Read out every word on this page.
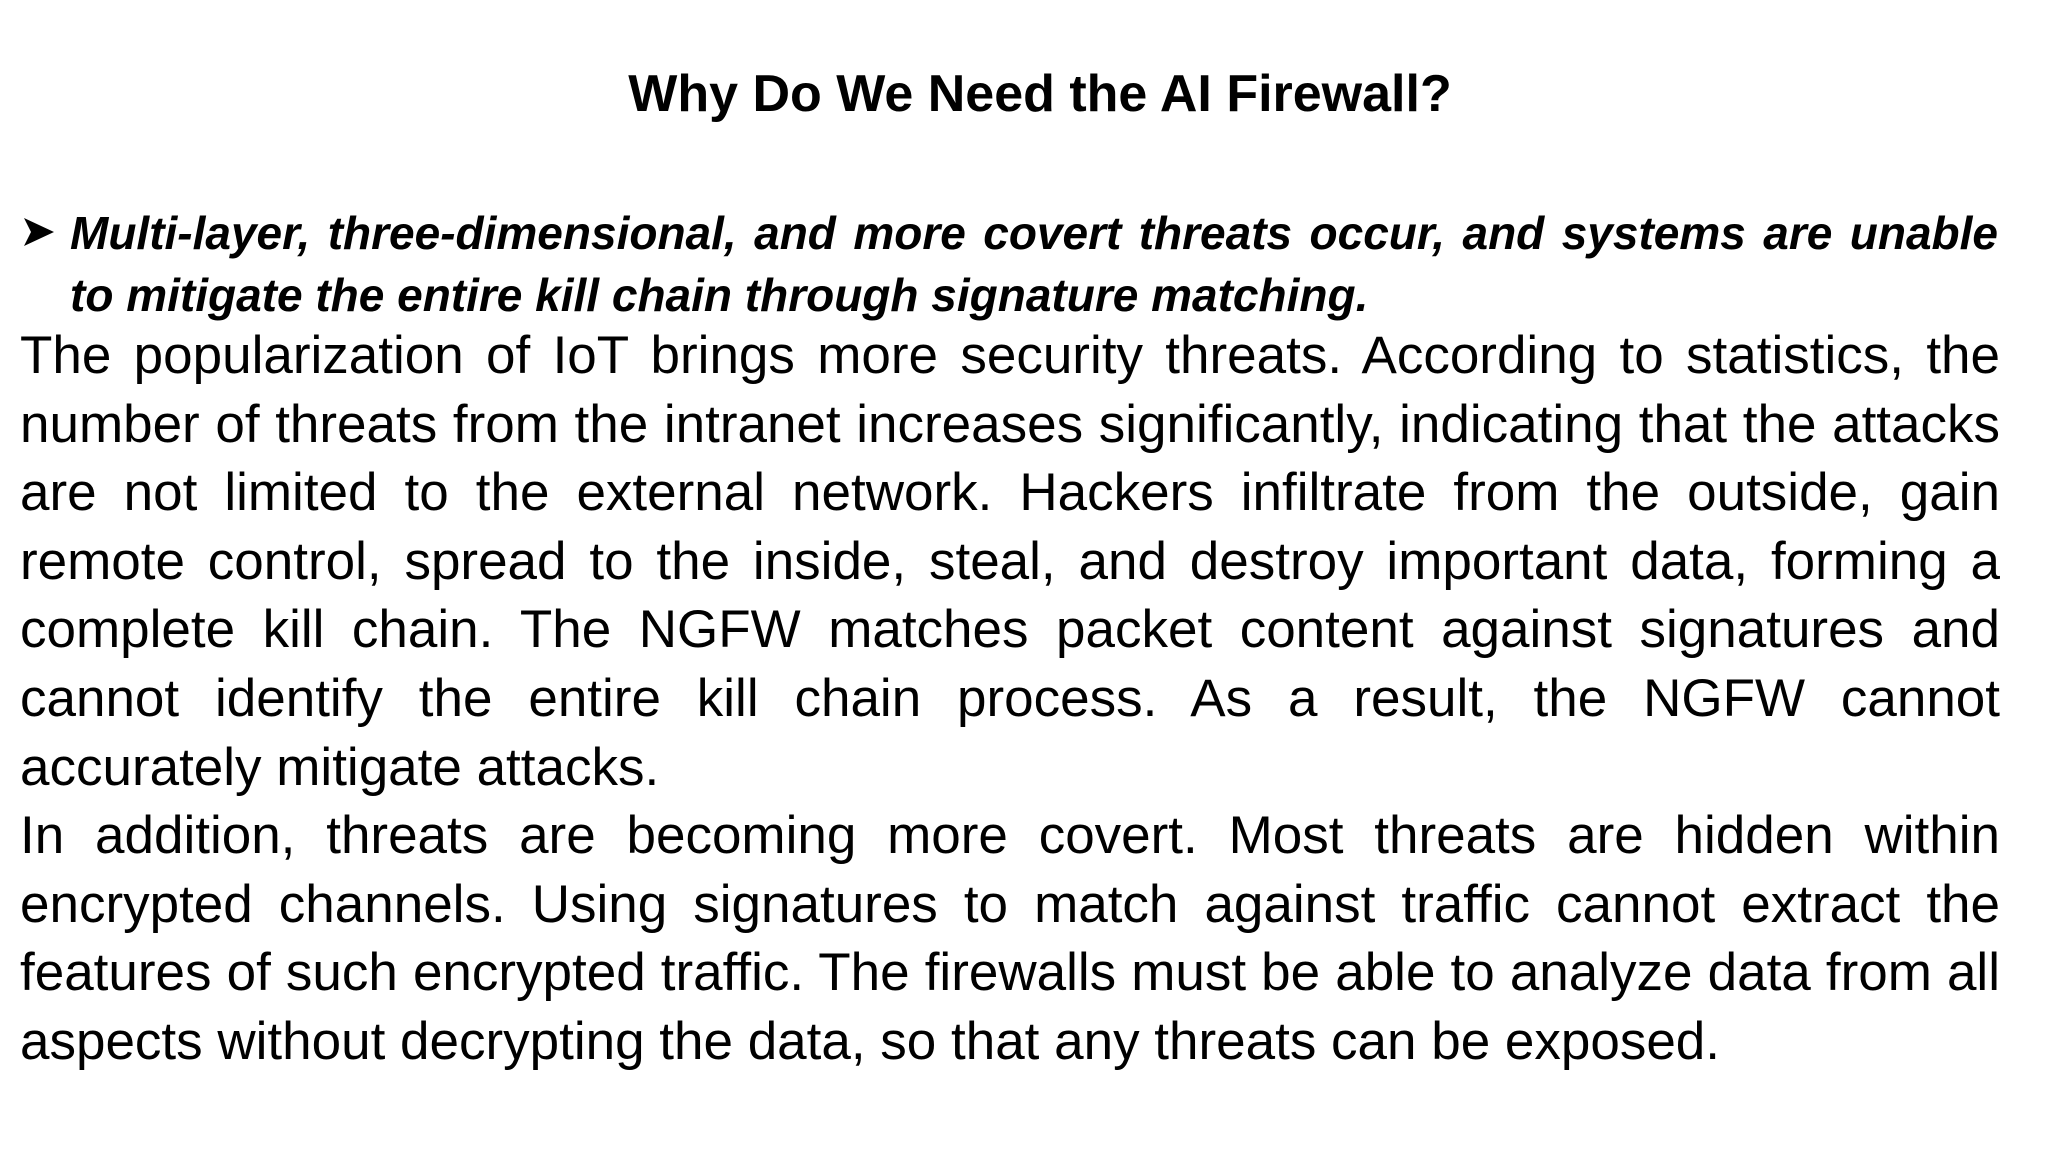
Why Do We Need the AI Firewall?
Multi-layer, three-dimensional, and more covert threats occur, and systems are unable to mitigate the entire kill chain through signature matching.

The popularization of IoT brings more security threats. According to statistics, the number of threats from the intranet increases significantly, indicating that the attacks are not limited to the external network. Hackers infiltrate from the outside, gain remote control, spread to the inside, steal, and destroy important data, forming a complete kill chain. The NGFW matches packet content against signatures and cannot identify the entire kill chain process. As a result, the NGFW cannot accurately mitigate attacks.

In addition, threats are becoming more covert. Most threats are hidden within encrypted channels. Using signatures to match against traffic cannot extract the features of such encrypted traffic. The firewalls must be able to analyze data from all aspects without decrypting the data, so that any threats can be exposed.
